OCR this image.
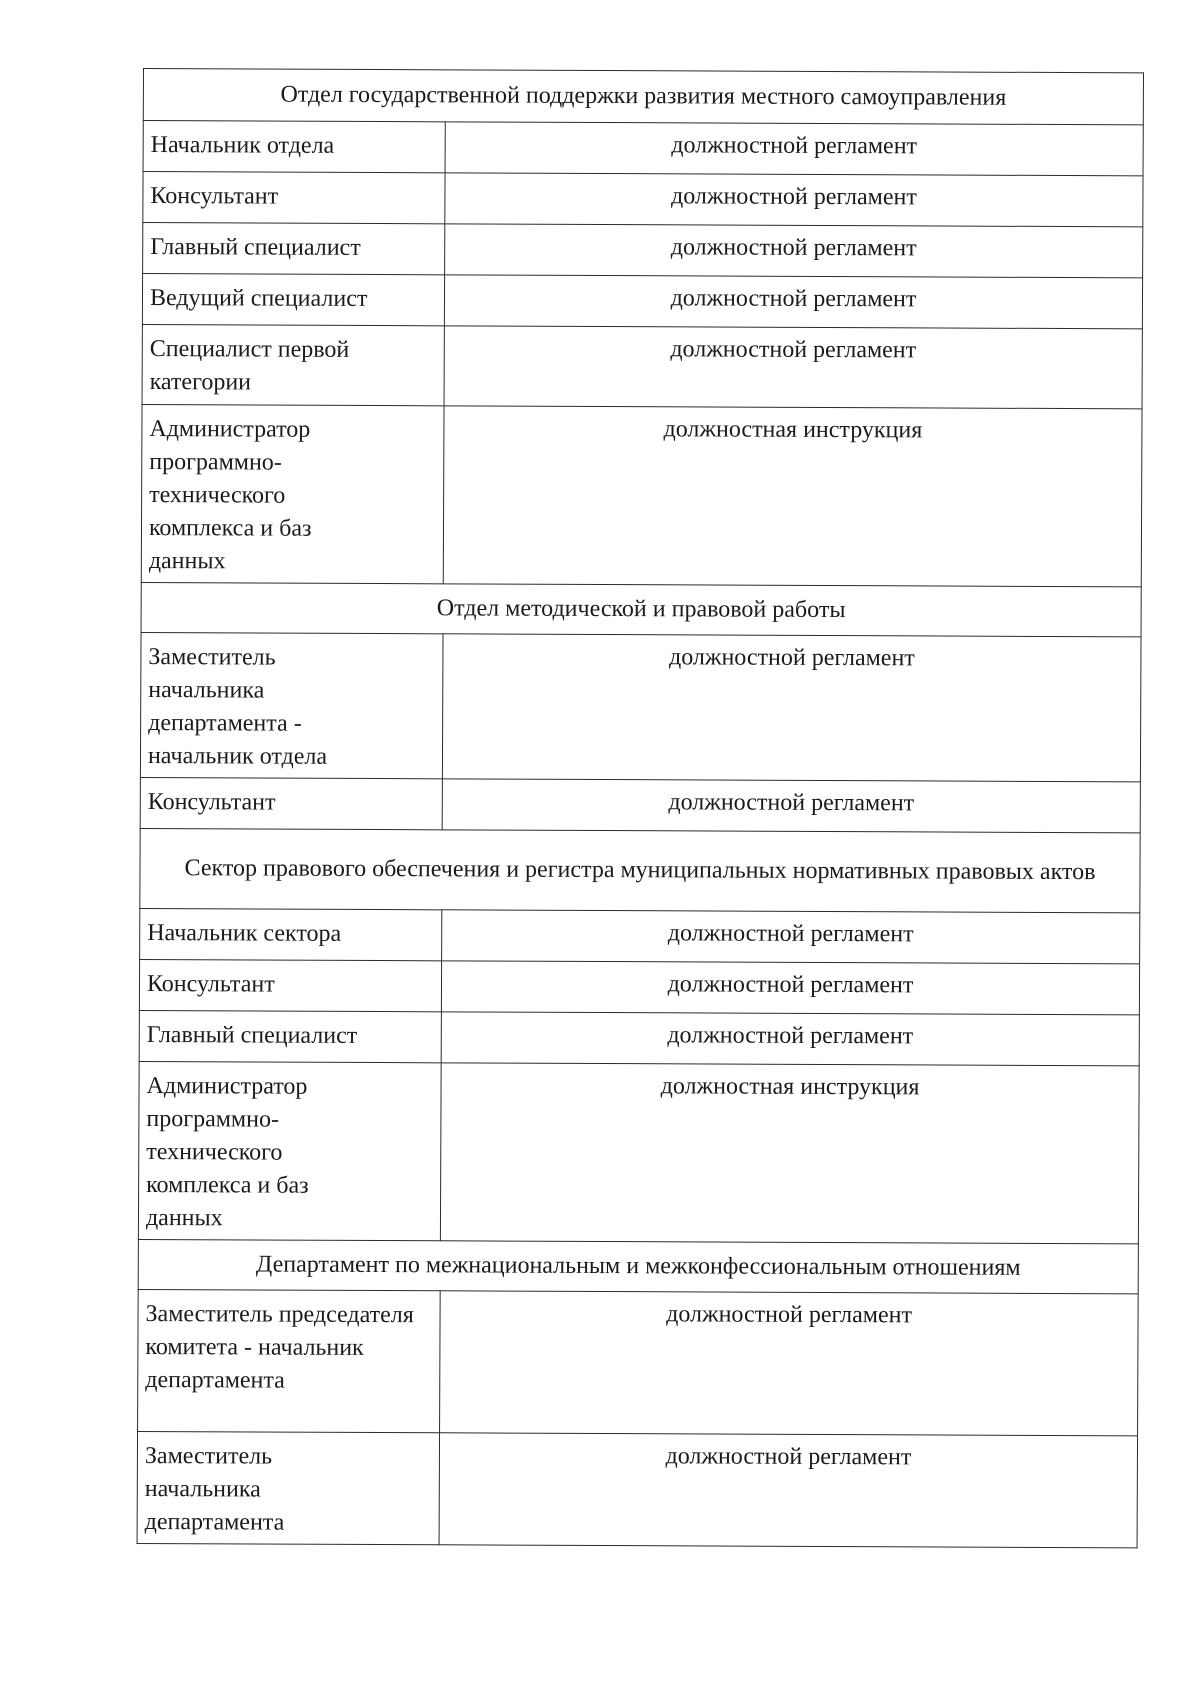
Отдел государственной поддержки развития местного самоуправления	
Начальник отдела	должностной регламент
Консультант	должностной регламент
Главный специалист	должностной регламент
Ведущий специалист	должностной регламент
Специалист первой категории	должностной регламент
Администратор программно-технического комплекса и баз данных	должностная инструкция
Отдел методической и правовой работы	
Заместитель начальника департамента - начальник отдела	должностной регламент
Консультант	должностной регламент
Сектор правового обеспечения и регистра муниципальных нормативных правовых актов	
Начальник сектора	должностной регламент
Консультант	должностной регламент
Главный специалист	должностной регламент
Администратор программно-технического комплекса и баз данных	должностная инструкция
Департамент по межнациональным и межконфессиональным отношениям	
Заместитель председателя комитета - начальник департамента	должностной регламент
Заместитель начальника департамента	должностной регламент
